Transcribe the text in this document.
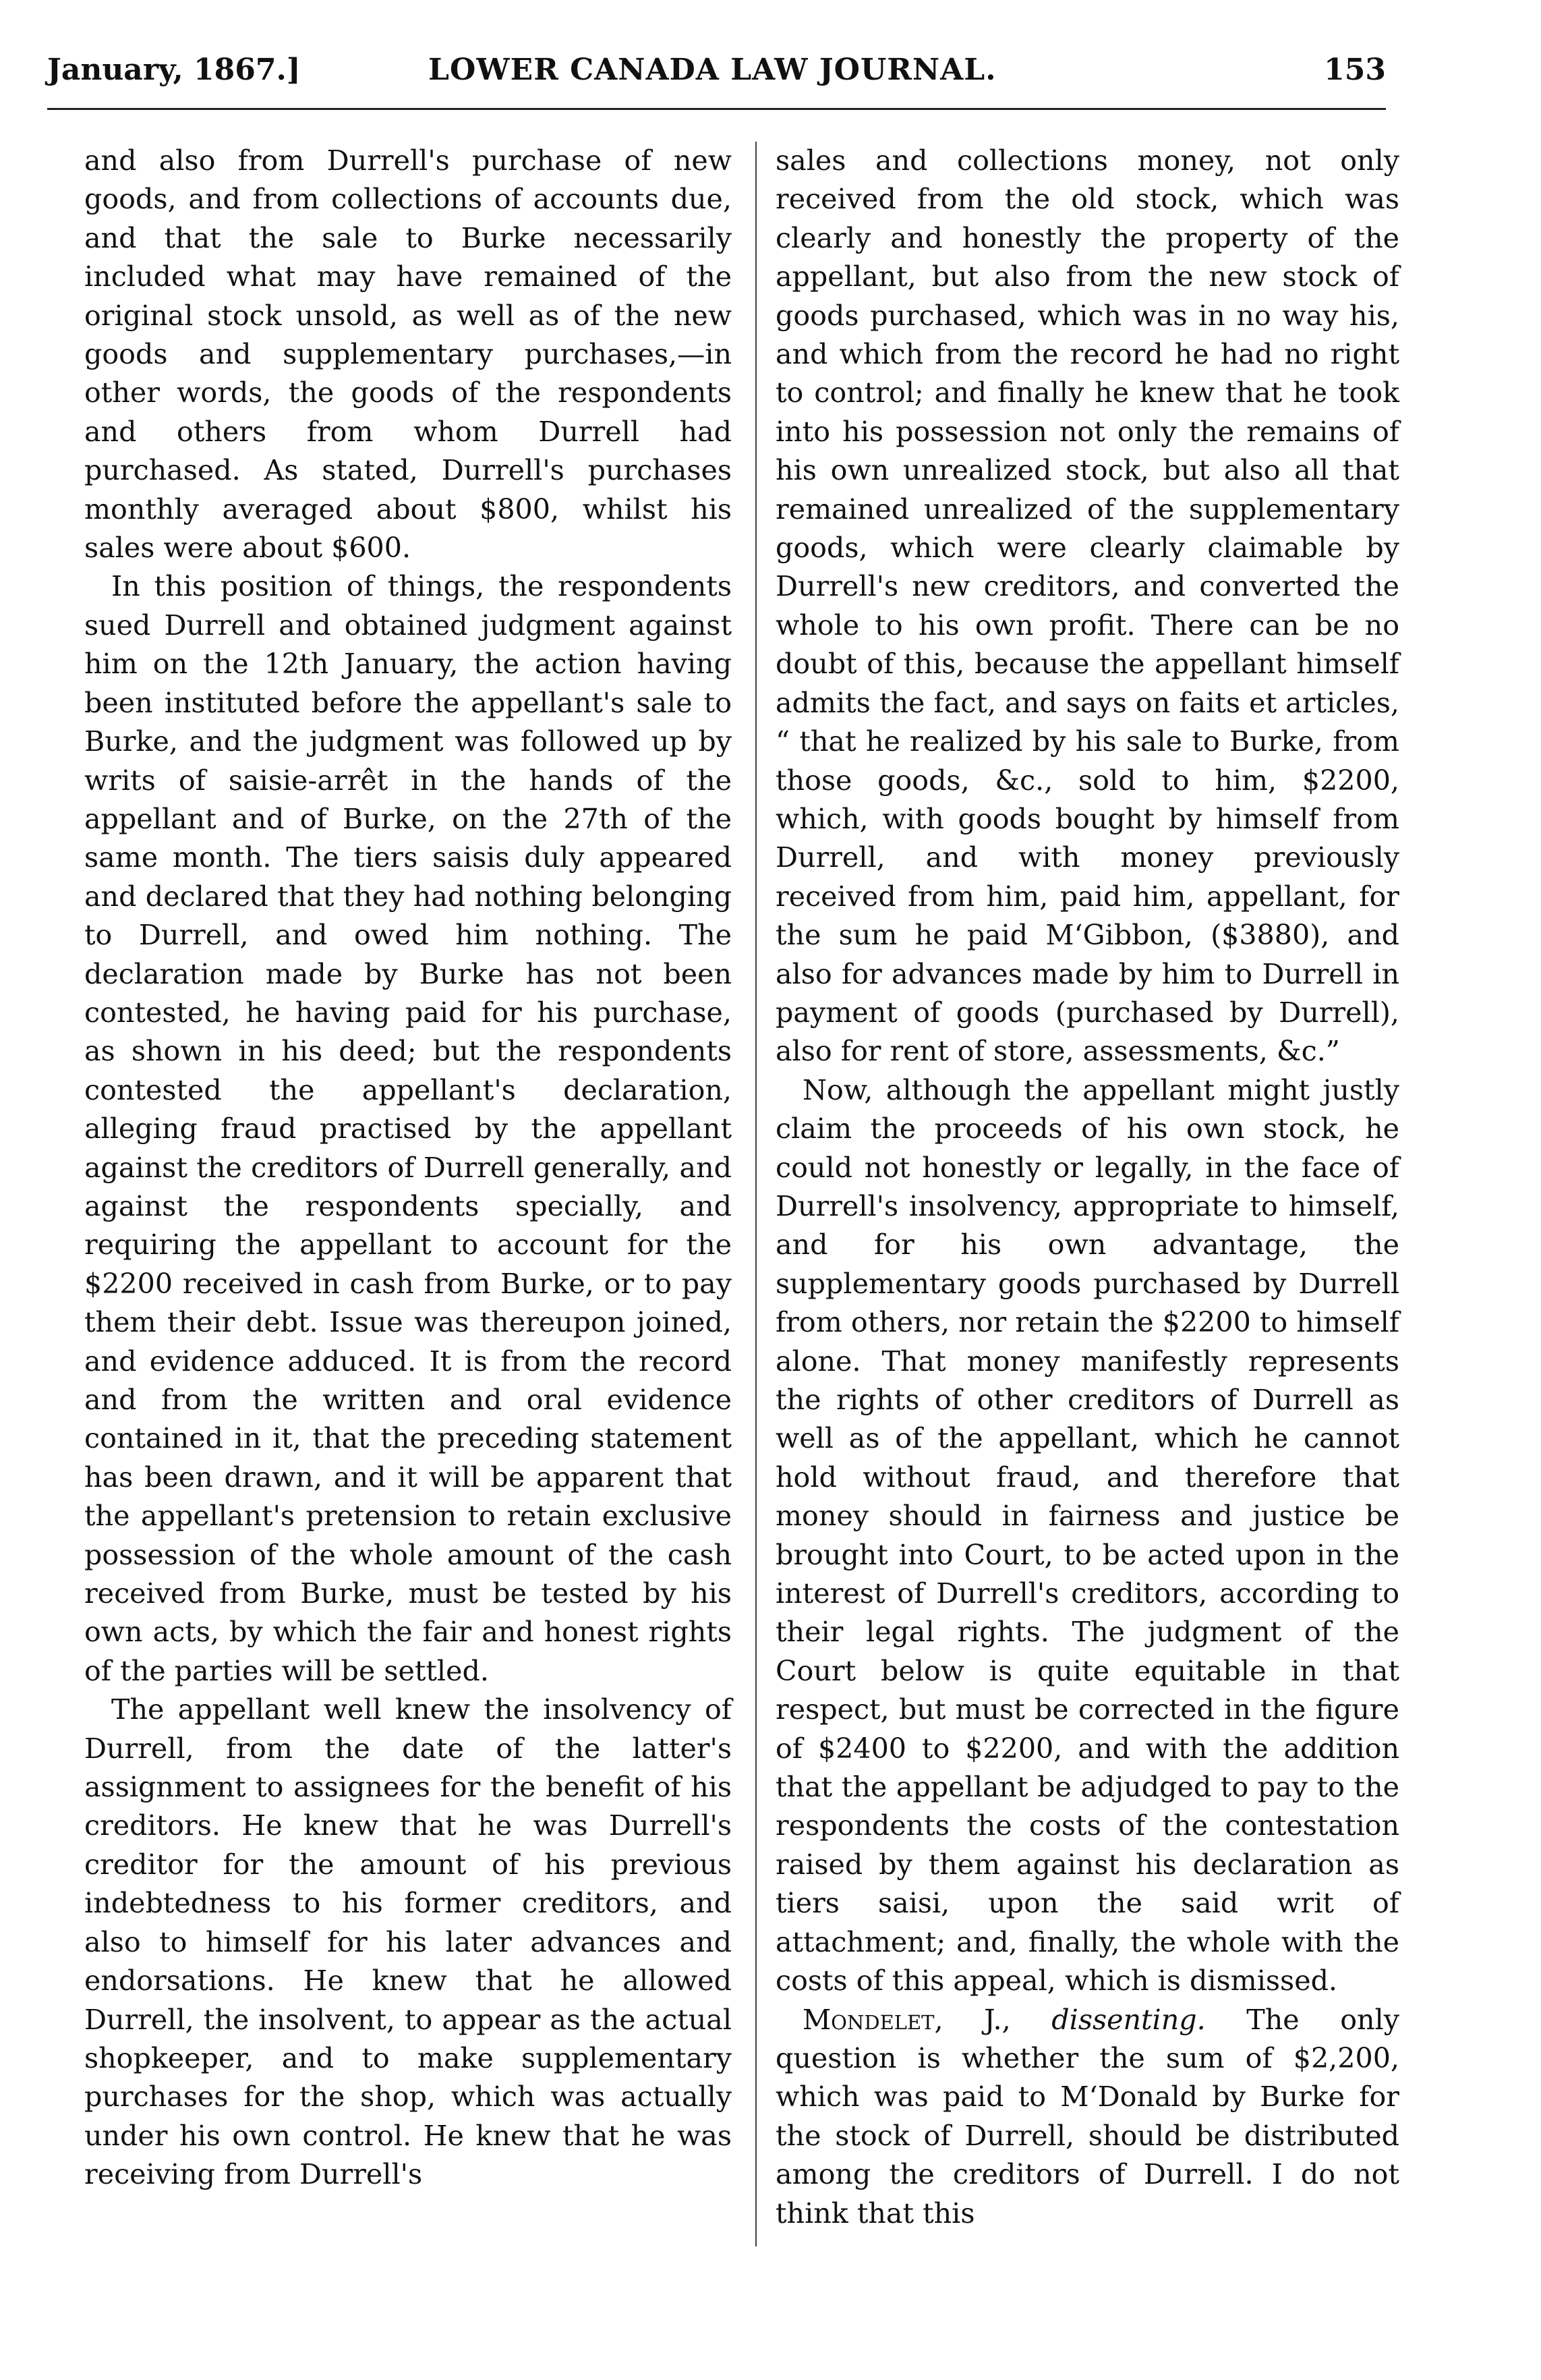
January, 1867.]	LOWER CANADA LAW JOURNAL.	153

and also from Durrell's purchase of new goods, and from collections of accounts due, and that the sale to Burke necessarily included what may have remained of the original stock unsold, as well as of the new goods and supplementary purchases,—in other words, the goods of the respondents and others from whom Durrell had purchased. As stated, Durrell's purchases monthly averaged about $800, whilst his sales were about $600.

In this position of things, the respondents sued Durrell and obtained judgment against him on the 12th January, the action having been instituted before the appellant's sale to Burke, and the judgment was followed up by writs of saisie-arrêt in the hands of the appellant and of Burke, on the 27th of the same month. The tiers saisis duly appeared and declared that they had nothing belonging to Durrell, and owed him nothing. The declaration made by Burke has not been contested, he having paid for his purchase, as shown in his deed; but the respondents contested the appellant's declaration, alleging fraud practised by the appellant against the creditors of Durrell generally, and against the respondents specially, and requiring the appellant to account for the $2200 received in cash from Burke, or to pay them their debt. Issue was thereupon joined, and evidence adduced. It is from the record and from the written and oral evidence contained in it, that the preceding statement has been drawn, and it will be apparent that the appellant's pretension to retain exclusive possession of the whole amount of the cash received from Burke, must be tested by his own acts, by which the fair and honest rights of the parties will be settled.

The appellant well knew the insolvency of Durrell, from the date of the latter's assignment to assignees for the benefit of his creditors. He knew that he was Durrell's creditor for the amount of his previous indebtedness to his former creditors, and also to himself for his later advances and endorsations. He knew that he allowed Durrell, the insolvent, to appear as the actual shopkeeper, and to make supplementary purchases for the shop, which was actually under his own control. He knew that he was receiving from Durrell's

sales and collections money, not only received from the old stock, which was clearly and honestly the property of the appellant, but also from the new stock of goods purchased, which was in no way his, and which from the record he had no right to control; and finally he knew that he took into his possession not only the remains of his own unrealized stock, but also all that remained unrealized of the supplementary goods, which were clearly claimable by Durrell's new creditors, and converted the whole to his own profit. There can be no doubt of this, because the appellant himself admits the fact, and says on faits et articles, “ that he realized by his sale to Burke, from those goods, &c., sold to him, $2200, which, with goods bought by himself from Durrell, and with money previously received from him, paid him, appellant, for the sum he paid M‘Gibbon, ($3880), and also for advances made by him to Durrell in payment of goods (purchased by Durrell), also for rent of store, assessments, &c.”

Now, although the appellant might justly claim the proceeds of his own stock, he could not honestly or legally, in the face of Durrell's insolvency, appropriate to himself, and for his own advantage, the supplementary goods purchased by Durrell from others, nor retain the $2200 to himself alone. That money manifestly represents the rights of other creditors of Durrell as well as of the appellant, which he cannot hold without fraud, and therefore that money should in fairness and justice be brought into Court, to be acted upon in the interest of Durrell's creditors, according to their legal rights. The judgment of the Court below is quite equitable in that respect, but must be corrected in the figure of $2400 to $2200, and with the addition that the appellant be adjudged to pay to the respondents the costs of the contestation raised by them against his declaration as tiers saisi, upon the said writ of attachment; and, finally, the whole with the costs of this appeal, which is dismissed.

Mondelet, J., dissenting. The only question is whether the sum of $2,200, which was paid to M‘Donald by Burke for the stock of Durrell, should be distributed among the creditors of Durrell. I do not think that this
